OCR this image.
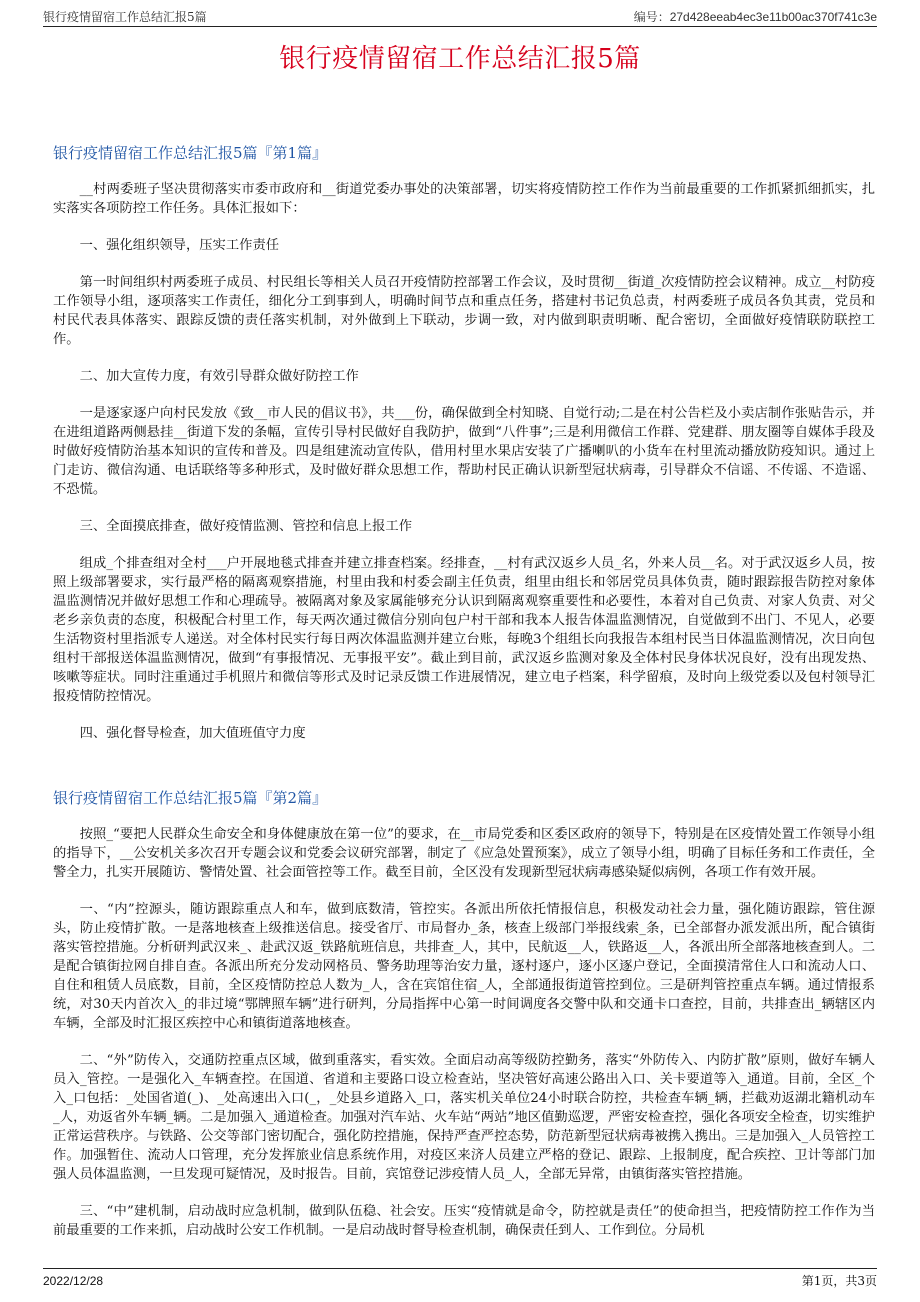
银行疫情留宿工作总结汇报5篇	编号：27d428eeab4ec3e11b00ac370f741c3e
银行疫情留宿工作总结汇报5篇
银行疫情留宿工作总结汇报5篇『第1篇』

__村两委班子坚决贯彻落实市委市政府和__街道党委办事处的决策部署，切实将疫情防控工作作为当前最重要的工作抓紧抓细抓实，扎实落实各项防控工作任务。具体汇报如下：

一、强化组织领导，压实工作责任

第一时间组织村两委班子成员、村民组长等相关人员召开疫情防控部署工作会议，及时贯彻__街道_次疫情防控会议精神。成立__村防疫工作领导小组，逐项落实工作责任，细化分工到事到人，明确时间节点和重点任务，搭建村书记负总责，村两委班子成员各负其责，党员和村民代表具体落实、跟踪反馈的责任落实机制，对外做到上下联动，步调一致，对内做到职责明晰、配合密切，全面做好疫情联防联控工作。

二、加大宣传力度，有效引导群众做好防控工作

一是逐家逐户向村民发放《致__市人民的倡议书》，共___份，确保做到全村知晓、自觉行动;二是在村公告栏及小卖店制作张贴告示，并在进组道路两侧悬挂__街道下发的条幅，宣传引导村民做好自我防护，做到“八件事”;三是利用微信工作群、党建群、朋友圈等自媒体手段及时做好疫情防治基本知识的宣传和普及。四是组建流动宣传队，借用村里水果店安装了广播喇叭的小货车在村里流动播放防疫知识。通过上门走访、微信沟通、电话联络等多种形式，及时做好群众思想工作，帮助村民正确认识新型冠状病毒，引导群众不信谣、不传谣、不造谣、不恐慌。

三、全面摸底排查，做好疫情监测、管控和信息上报工作

组成_个排查组对全村___户开展地毯式排查并建立排查档案。经排查，__村有武汉返乡人员_名，外来人员__名。对于武汉返乡人员，按照上级部署要求，实行最严格的隔离观察措施，村里由我和村委会副主任负责，组里由组长和邻居党员具体负责，随时跟踪报告防控对象体温监测情况并做好思想工作和心理疏导。被隔离对象及家属能够充分认识到隔离观察重要性和必要性，本着对自己负责、对家人负责、对父老乡亲负责的态度，积极配合村里工作，每天两次通过微信分别向包户村干部和我本人报告体温监测情况，自觉做到不出门、不见人，必要生活物资村里指派专人递送。对全体村民实行每日两次体温监测并建立台账，每晚3个组组长向我报告本组村民当日体温监测情况，次日向包组村干部报送体温监测情况，做到“有事报情况、无事报平安”。截止到目前，武汉返乡监测对象及全体村民身体状况良好，没有出现发热、咳嗽等症状。同时注重通过手机照片和微信等形式及时记录反馈工作进展情况，建立电子档案，科学留痕，及时向上级党委以及包村领导汇报疫情防控情况。

四、强化督导检查，加大值班值守力度

银行疫情留宿工作总结汇报5篇『第2篇』

按照_“要把人民群众生命安全和身体健康放在第一位”的要求，在__市局党委和区委区政府的领导下，特别是在区疫情处置工作领导小组的指导下，__公安机关多次召开专题会议和党委会议研究部署，制定了《应急处置预案》，成立了领导小组，明确了目标任务和工作责任，全警全力，扎实开展随访、警情处置、社会面管控等工作。截至目前，全区没有发现新型冠状病毒感染疑似病例，各项工作有效开展。

一、“内”控源头，随访跟踪重点人和车，做到底数清，管控实。各派出所依托情报信息，积极发动社会力量，强化随访跟踪，管住源头，防止疫情扩散。一是落地核查上级推送信息。接受省厅、市局督办_条，核查上级部门举报线索_条，已全部督办派发派出所，配合镇街落实管控措施。分析研判武汉来_、赴武汉返_铁路航班信息，共排查_人，其中，民航返__人，铁路返__人，各派出所全部落地核查到人。二是配合镇街拉网自排自查。各派出所充分发动网格员、警务助理等治安力量，逐村逐户，逐小区逐户登记，全面摸清常住人口和流动人口、自住和租赁人员底数，目前，全区疫情防控总人数为_人，含在宾馆住宿_人，全部通报街道管控到位。三是研判管控重点车辆。通过情报系统，对30天内首次入_的非过境“鄂牌照车辆”进行研判，分局指挥中心第一时间调度各交警中队和交通卡口查控，目前，共排查出_辆辖区内车辆，全部及时汇报区疾控中心和镇街道落地核查。

二、“外”防传入，交通防控重点区域，做到重落实，看实效。全面启动高等级防控勤务，落实“外防传入、内防扩散”原则，做好车辆人员入_管控。一是强化入_车辆查控。在国道、省道和主要路口设立检查站，坚决管好高速公路出入口、关卡要道等入_通道。目前，全区_个入_口包括：_处国省道(_)、_处高速出入口(_，_处县乡道路入_口，落实机关单位24小时联合防控，共检查车辆_辆，拦截劝返湖北籍机动车_人，劝返省外车辆_辆。二是加强入_通道检查。加强对汽车站、火车站“两站”地区值勤巡逻，严密安检查控，强化各项安全检查，切实维护正常运营秩序。与铁路、公交等部门密切配合，强化防控措施，保持严查严控态势，防范新型冠状病毒被携入携出。三是加强入_人员管控工作。加强暂住、流动人口管理，充分发挥旅业信息系统作用，对疫区来济人员建立严格的登记、跟踪、上报制度，配合疾控、卫计等部门加强人员体温监测，一旦发现可疑情况，及时报告。目前，宾馆登记涉疫情人员_人，全部无异常，由镇街落实管控措施。

三、“中”建机制，启动战时应急机制，做到队伍稳、社会安。压实“疫情就是命令，防控就是责任”的使命担当，把疫情防控工作作为当前最重要的工作来抓，启动战时公安工作机制。一是启动战时督导检查机制，确保责任到人、工作到位。分局机

2022/12/28	第1页，共3页
